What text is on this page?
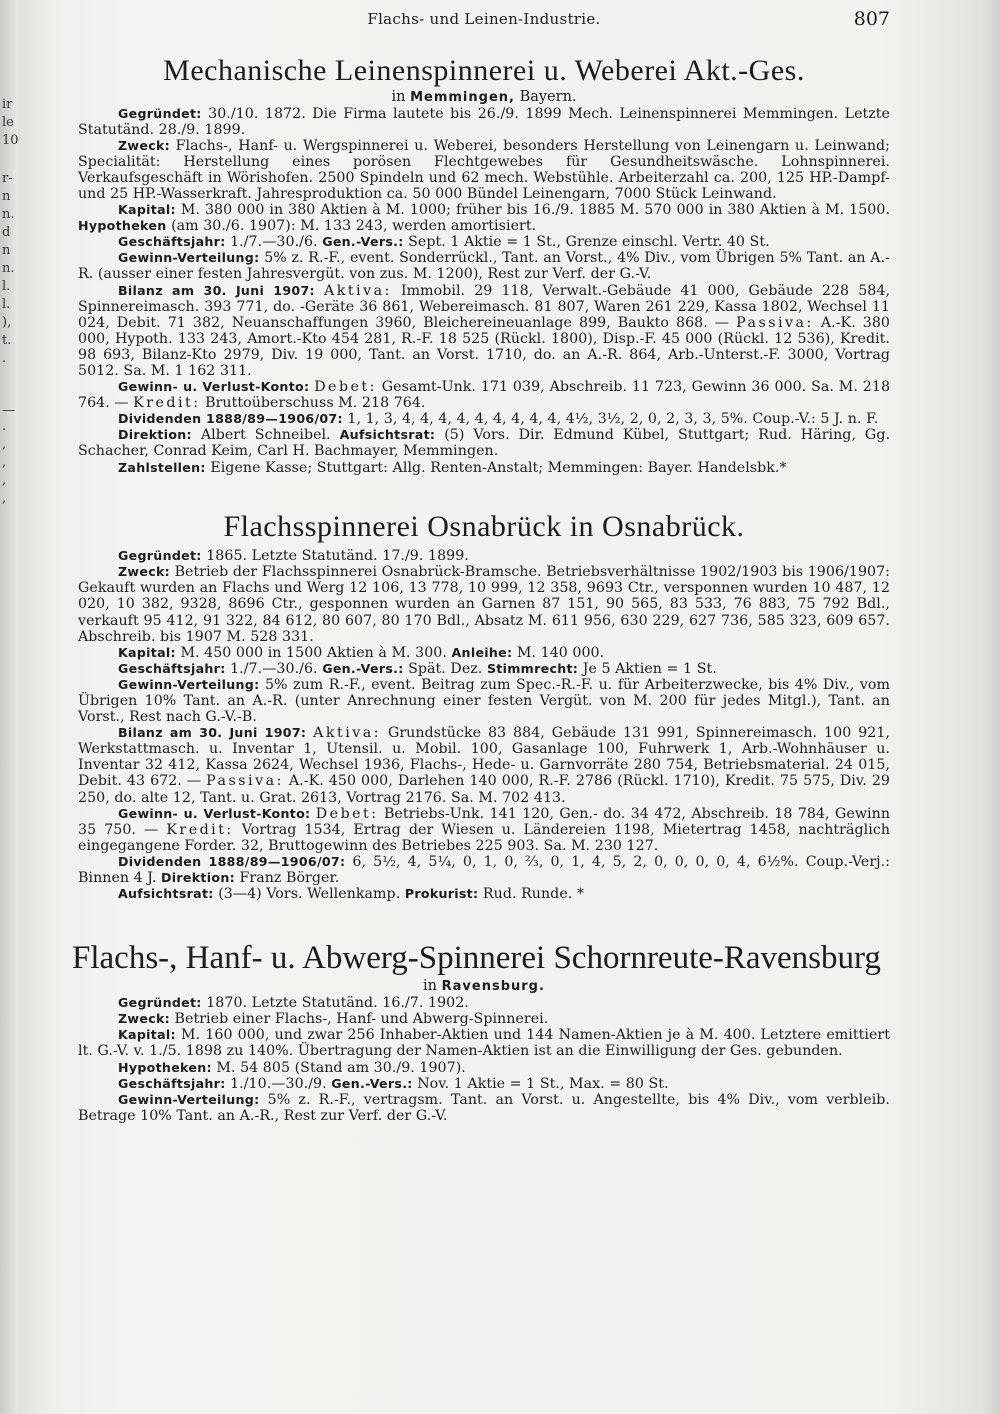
ir
le
10
r-
n
n.
d
n
n.
l.
l.
),
t.
.
—
.
,
,
,
,
Flachs- und Leinen-Industrie.	807
Mechanische Leinenspinnerei u. Weberei Akt.-Ges.
in Memmingen, Bayern.

Gegründet: 30./10. 1872. Die Firma lautete bis 26./9. 1899 Mech. Leinenspinnerei Memmingen. Letzte Statutänd. 28./9. 1899.

Zweck: Flachs-, Hanf- u. Wergspinnerei u. Weberei, besonders Herstellung von Leinengarn u. Leinwand; Specialität: Herstellung eines porösen Flechtgewebes für Gesundheitswäsche. Lohnspinnerei. Verkaufsgeschäft in Wörishofen. 2500 Spindeln und 62 mech. Webstühle. Arbeiterzahl ca. 200, 125 HP.-Dampf- und 25 HP.-Wasserkraft. Jahresproduktion ca. 50 000 Bündel Leinengarn, 7000 Stück Leinwand.

Kapital: M. 380 000 in 380 Aktien à M. 1000; früher bis 16./9. 1885 M. 570 000 in 380 Aktien à M. 1500. Hypotheken (am 30./6. 1907): M. 133 243, werden amortisiert.

Geschäftsjahr: 1./7.—30./6. Gen.-Vers.: Sept. 1 Aktie = 1 St., Grenze einschl. Vertr. 40 St.

Gewinn-Verteilung: 5% z. R.-F., event. Sonderrückl., Tant. an Vorst., 4% Div., vom Übrigen 5% Tant. an A.-R. (ausser einer festen Jahresvergüt. von zus. M. 1200), Rest zur Verf. der G.-V.

Bilanz am 30. Juni 1907: Aktiva: Immobil. 29 118, Verwalt.-Gebäude 41 000, Gebäude 228 584, Spinnereimasch. 393 771, do. -Geräte 36 861, Webereimasch. 81 807, Waren 261 229, Kassa 1802, Wechsel 11 024, Debit. 71 382, Neuanschaffungen 3960, Bleichereineuanlage 899, Baukto 868. — Passiva: A.-K. 380 000, Hypoth. 133 243, Amort.-Kto 454 281, R.-F. 18 525 (Rückl. 1800), Disp.-F. 45 000 (Rückl. 12 536), Kredit. 98 693, Bilanz-Kto 2979, Div. 19 000, Tant. an Vorst. 1710, do. an A.-R. 864, Arb.-Unterst.-F. 3000, Vortrag 5012. Sa. M. 1 162 311.

Gewinn- u. Verlust-Konto: Debet: Gesamt-Unk. 171 039, Abschreib. 11 723, Gewinn 36 000. Sa. M. 218 764. — Kredit: Bruttoüberschuss M. 218 764.

Dividenden 1888/89—1906/07: 1, 1, 3, 4, 4, 4, 4, 4, 4, 4, 4, 4, 4½, 3½, 2, 0, 2, 3, 3, 5%. Coup.-V.: 5 J. n. F.

Direktion: Albert Schneibel. Aufsichtsrat: (5) Vors. Dir. Edmund Kübel, Stuttgart; Rud. Häring, Gg. Schacher, Conrad Keim, Carl H. Bachmayer, Memmingen.

Zahlstellen: Eigene Kasse; Stuttgart: Allg. Renten-Anstalt; Memmingen: Bayer. Handelsbk.*

Flachsspinnerei Osnabrück in Osnabrück.

Gegründet: 1865. Letzte Statutänd. 17./9. 1899.

Zweck: Betrieb der Flachsspinnerei Osnabrück-Bramsche. Betriebsverhältnisse 1902/1903 bis 1906/1907: Gekauft wurden an Flachs und Werg 12 106, 13 778, 10 999, 12 358, 9693 Ctr., versponnen wurden 10 487, 12 020, 10 382, 9328, 8696 Ctr., gesponnen wurden an Garnen 87 151, 90 565, 83 533, 76 883, 75 792 Bdl., verkauft 95 412, 91 322, 84 612, 80 607, 80 170 Bdl., Absatz M. 611 956, 630 229, 627 736, 585 323, 609 657. Abschreib. bis 1907 M. 528 331.

Kapital: M. 450 000 in 1500 Aktien à M. 300. Anleihe: M. 140 000.

Geschäftsjahr: 1./7.—30./6. Gen.-Vers.: Spät. Dez. Stimmrecht: Je 5 Aktien = 1 St.

Gewinn-Verteilung: 5% zum R.-F., event. Beitrag zum Spec.-R.-F. u. für Arbeiterzwecke, bis 4% Div., vom Übrigen 10% Tant. an A.-R. (unter Anrechnung einer festen Vergüt. von M. 200 für jedes Mitgl.), Tant. an Vorst., Rest nach G.-V.-B.

Bilanz am 30. Juni 1907: Aktiva: Grundstücke 83 884, Gebäude 131 991, Spinnereimasch. 100 921, Werkstattmasch. u. Inventar 1, Utensil. u. Mobil. 100, Gasanlage 100, Fuhrwerk 1, Arb.-Wohnhäuser u. Inventar 32 412, Kassa 2624, Wechsel 1936, Flachs-, Hede- u. Garnvorräte 280 754, Betriebsmaterial. 24 015, Debit. 43 672. — Passiva: A.-K. 450 000, Darlehen 140 000, R.-F. 2786 (Rückl. 1710), Kredit. 75 575, Div. 29 250, do. alte 12, Tant. u. Grat. 2613, Vortrag 2176. Sa. M. 702 413.

Gewinn- u. Verlust-Konto: Debet: Betriebs-Unk. 141 120, Gen.- do. 34 472, Abschreib. 18 784, Gewinn 35 750. — Kredit: Vortrag 1534, Ertrag der Wiesen u. Ländereien 1198, Mietertrag 1458, nachträglich eingegangene Forder. 32, Bruttogewinn des Betriebes 225 903. Sa. M. 230 127.

Dividenden 1888/89—1906/07: 6, 5½, 4, 5¼, 0, 1, 0, ⅔, 0, 1, 4, 5, 2, 0, 0, 0, 0, 4, 6½%. Coup.-Verj.: Binnen 4 J. Direktion: Franz Börger.

Aufsichtsrat: (3—4) Vors. Wellenkamp. Prokurist: Rud. Runde. *

Flachs-, Hanf- u. Abwerg-Spinnerei Schornreute-Ravensburg
in Ravensburg.

Gegründet: 1870. Letzte Statutänd. 16./7. 1902.

Zweck: Betrieb einer Flachs-, Hanf- und Abwerg-Spinnerei.

Kapital: M. 160 000, und zwar 256 Inhaber-Aktien und 144 Namen-Aktien je à M. 400. Letztere emittiert lt. G.-V. v. 1./5. 1898 zu 140%. Übertragung der Namen-Aktien ist an die Einwilligung der Ges. gebunden.

Hypotheken: M. 54 805 (Stand am 30./9. 1907).

Geschäftsjahr: 1./10.—30./9. Gen.-Vers.: Nov. 1 Aktie = 1 St., Max. = 80 St.

Gewinn-Verteilung: 5% z. R.-F., vertragsm. Tant. an Vorst. u. Angestellte, bis 4% Div., vom verbleib. Betrage 10% Tant. an A.-R., Rest zur Verf. der G.-V.
